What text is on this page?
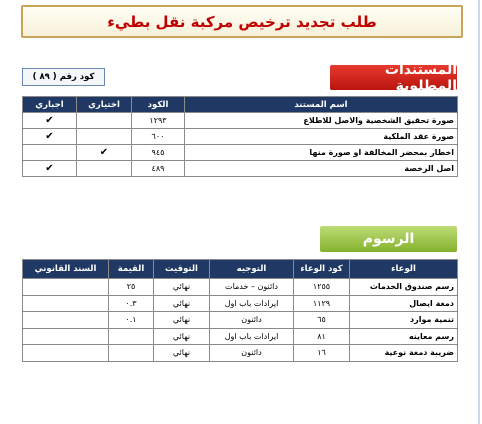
طلب تجديد ترخيص مركبة نقل بطيء
كود رقم
( ٨٩ )	المستندات المطلوبة
اسم المستند	الكود	اختياري	اجباري
صورة تحقيق الشخصية والاصل للاطلاع	١٢٩٣		✔
صورة عقد الملكية	٦٠٠		✔
اخطار بمحضر المخالفة او صورة منها	٩٤٥	✔	
اصل الرخصة	٤٨٩		✔
الرسوم
الوعاء	كود الوعاء	التوجيه	التوقيت	القيمة	السند القانوني
رسم صندوق الخدمات	١٢٥٥	دائنون – خدمات	نهائي	٢٥	
دمغة ايصال	١١٢٩	ايرادات باب اول	نهائي	٠.٣	
تنمية موارد	٦٥	دائنون	نهائي	٠.١	
رسم معاينه	٨١	ايرادات باب اول	نهائي		
ضريبة دمغة نوعية	١٦	دائنون	نهائي		
